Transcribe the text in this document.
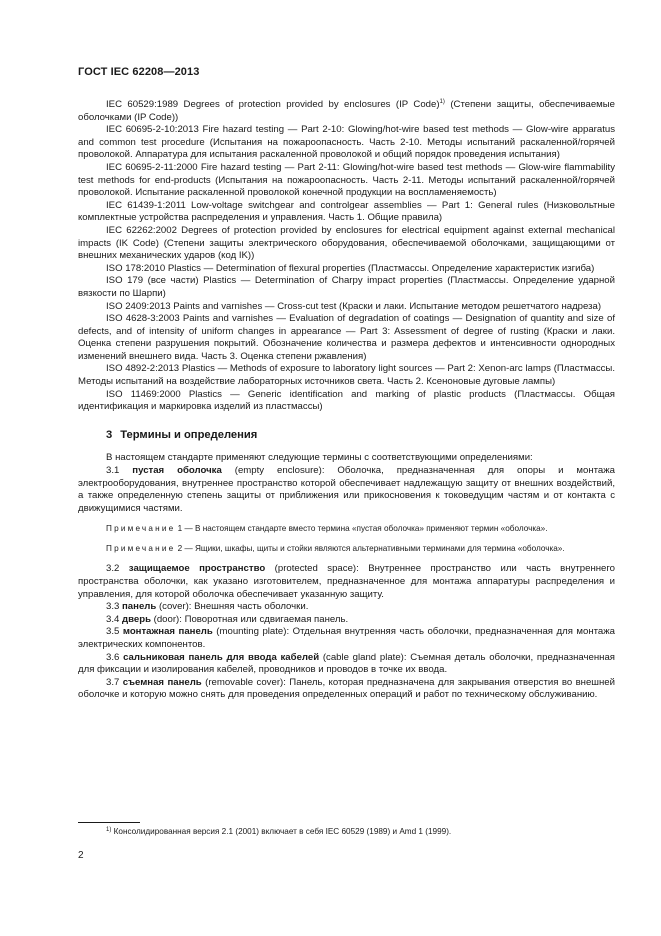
ГОСТ IEC 62208—2013

IEC 60529:1989 Degrees of protection provided by enclosures (IP Code)$^{1)}$ (Степени защиты, обеспечиваемые оболочками (IP Code))

IEC 60695-2-10:2013 Fire hazard testing — Part 2-10: Glowing/hot-wire based test methods — Glow-wire apparatus and common test procedure (Испытания на пожароопасность. Часть 2-10. Методы испытаний раскаленной/горячей проволокой. Аппаратура для испытания раскаленной проволокой и общий порядок проведения испытания)

IEC 60695-2-11:2000 Fire hazard testing — Part 2-11: Glowing/hot-wire based test methods — Glow-wire flammability test methods for end-products (Испытания на пожароопасность. Часть 2-11. Методы испытаний раскаленной/горячей проволокой. Испытание раскаленной проволокой конечной продукции на воспламеняемость)

IEC 61439-1:2011 Low-voltage switchgear and controlgear assemblies — Part 1: General rules (Низковольтные комплектные устройства распределения и управления. Часть 1. Общие правила)

IEC 62262:2002 Degrees of protection provided by enclosures for electrical equipment against external mechanical impacts (IK Code) (Степени защиты электрического оборудования, обеспечиваемой оболочками, защищающими от внешних механических ударов (код IK))

ISO 178:2010 Plastics — Determination of flexural properties (Пластмассы. Определение характеристик изгиба)

ISO 179 (все части) Plastics — Determination of Charpy impact properties (Пластмассы. Определение ударной вязкости по Шарпи)

ISO 2409:2013 Paints and varnishes — Cross-cut test (Краски и лаки. Испытание методом решетчатого надреза)

ISO 4628-3:2003 Paints and varnishes — Evaluation of degradation of coatings — Designation of quantity and size of defects, and of intensity of uniform changes in appearance — Part 3: Assessment of degree of rusting (Краски и лаки. Оценка степени разрушения покрытий. Обозначение количества и размера дефектов и интенсивности однородных изменений внешнего вида. Часть 3. Оценка степени ржавления)

ISO 4892-2:2013 Plastics — Methods of exposure to laboratory light sources — Part 2: Xenon-arc lamps (Пластмассы. Методы испытаний на воздействие лабораторных источников света. Часть 2. Ксеноновые дуговые лампы)

ISO 11469:2000 Plastics — Generic identification and marking of plastic products (Пластмассы. Общая идентификация и маркировка изделий из пластмассы)

3 Термины и определения

В настоящем стандарте применяют следующие термины с соответствующими определениями:

3.1 пустая оболочка (empty enclosure): Оболочка, предназначенная для опоры и монтажа электрооборудования, внутреннее пространство которой обеспечивает надлежащую защиту от внешних воздействий, а также определенную степень защиты от приближения или прикосновения к токоведущим частям и от контакта с движущимися частями.

Примечание 1 — В настоящем стандарте вместо термина «пустая оболочка» применяют термин «оболочка».

Примечание 2 — Ящики, шкафы, щиты и стойки являются альтернативными терминами для термина «оболочка».

3.2 защищаемое пространство (protected space): Внутреннее пространство или часть внутреннего пространства оболочки, как указано изготовителем, предназначенное для монтажа аппаратуры распределения и управления, для которой оболочка обеспечивает указанную защиту.

3.3 панель (cover): Внешняя часть оболочки.

3.4 дверь (door): Поворотная или сдвигаемая панель.

3.5 монтажная панель (mounting plate): Отдельная внутренняя часть оболочки, предназначенная для монтажа электрических компонентов.

3.6 сальниковая панель для ввода кабелей (cable gland plate): Съемная деталь оболочки, предназначенная для фиксации и изолирования кабелей, проводников и проводов в точке их ввода.

3.7 съемная панель (removable cover): Панель, которая предназначена для закрывания отверстия во внешней оболочке и которую можно снять для проведения определенных операций и работ по техническому обслуживанию.

$^{1)}$ Консолидированная версия 2.1 (2001) включает в себя IEC 60529 (1989) и Amd 1 (1999).
2
